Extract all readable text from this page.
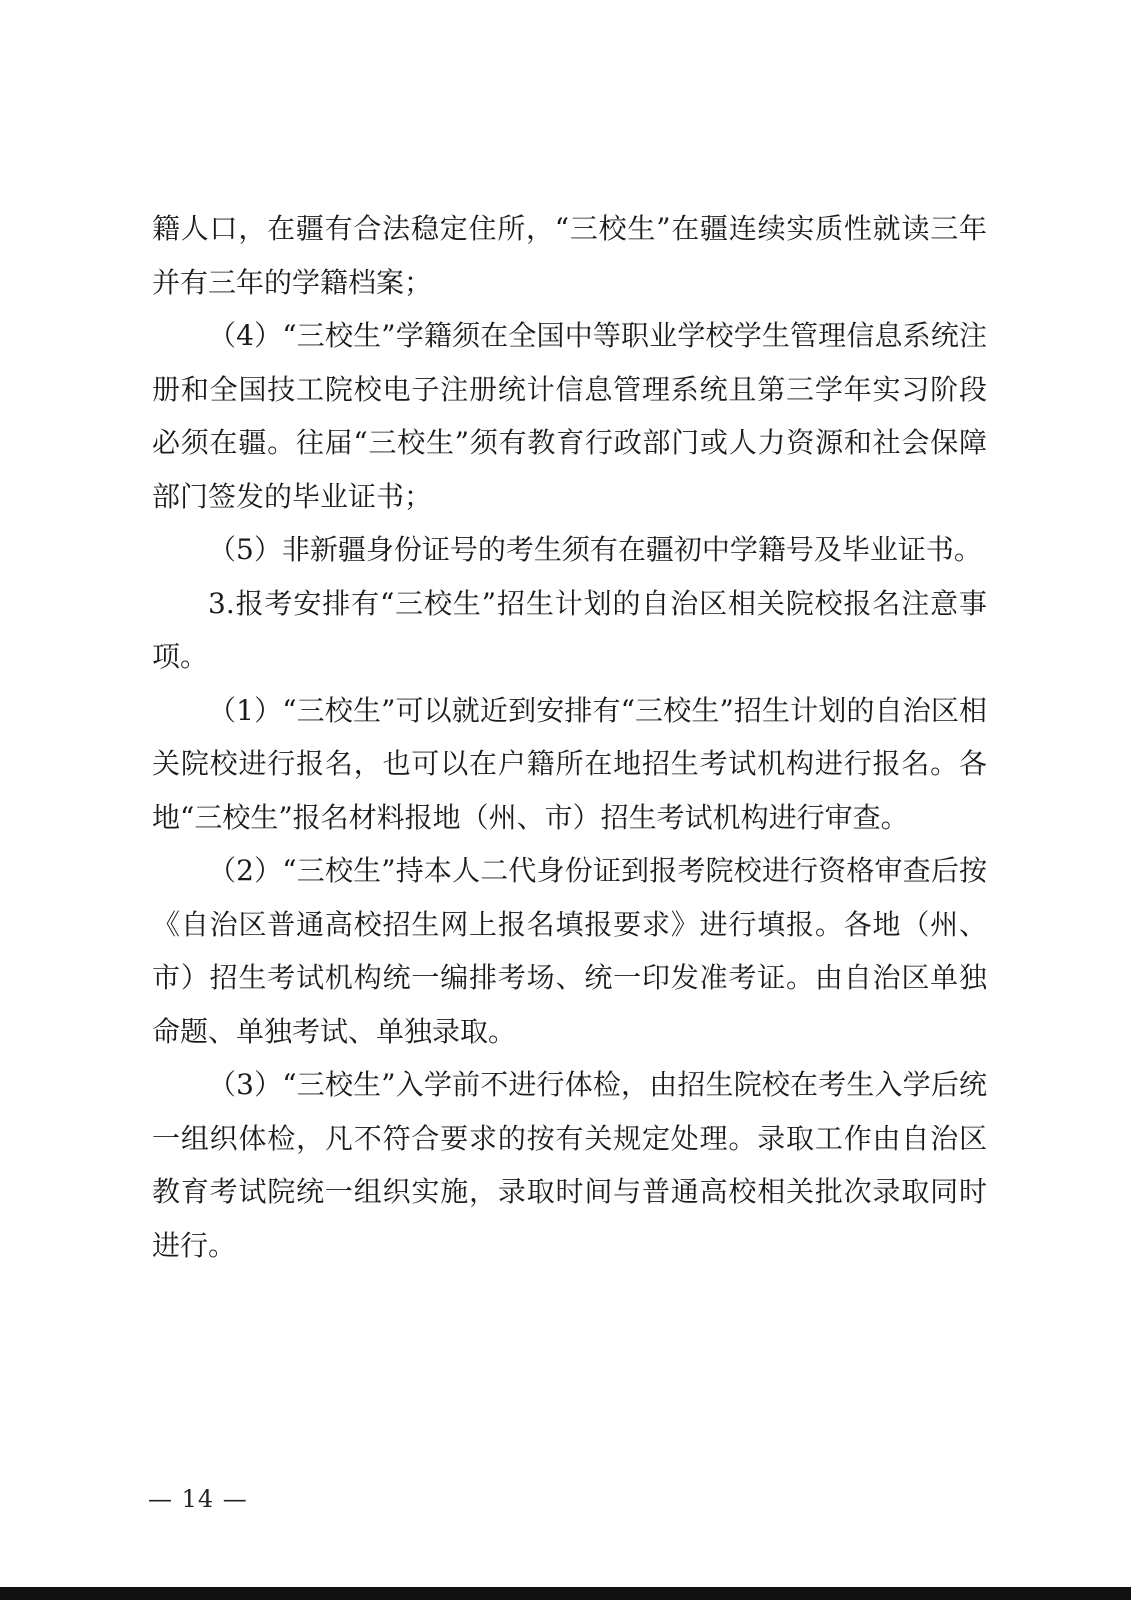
籍人口，在疆有合法稳定住所，“三校生”在疆连续实质性就读三年并有三年的学籍档案；

（4）“三校生”学籍须在全国中等职业学校学生管理信息系统注册和全国技工院校电子注册统计信息管理系统且第三学年实习阶段必须在疆。往届“三校生”须有教育行政部门或人力资源和社会保障部门签发的毕业证书；

（5）非新疆身份证号的考生须有在疆初中学籍号及毕业证书。

3.报考安排有“三校生”招生计划的自治区相关院校报名注意事项。

（1）“三校生”可以就近到安排有“三校生”招生计划的自治区相关院校进行报名，也可以在户籍所在地招生考试机构进行报名。各地“三校生”报名材料报地（州、市）招生考试机构进行审查。

（2）“三校生”持本人二代身份证到报考院校进行资格审查后按《自治区普通高校招生网上报名填报要求》进行填报。各地（州、市）招生考试机构统一编排考场、统一印发准考证。由自治区单独命题、单独考试、单独录取。

（3）“三校生”入学前不进行体检，由招生院校在考生入学后统一组织体检，凡不符合要求的按有关规定处理。录取工作由自治区教育考试院统一组织实施，录取时间与普通高校相关批次录取同时进行。

— 14 —
